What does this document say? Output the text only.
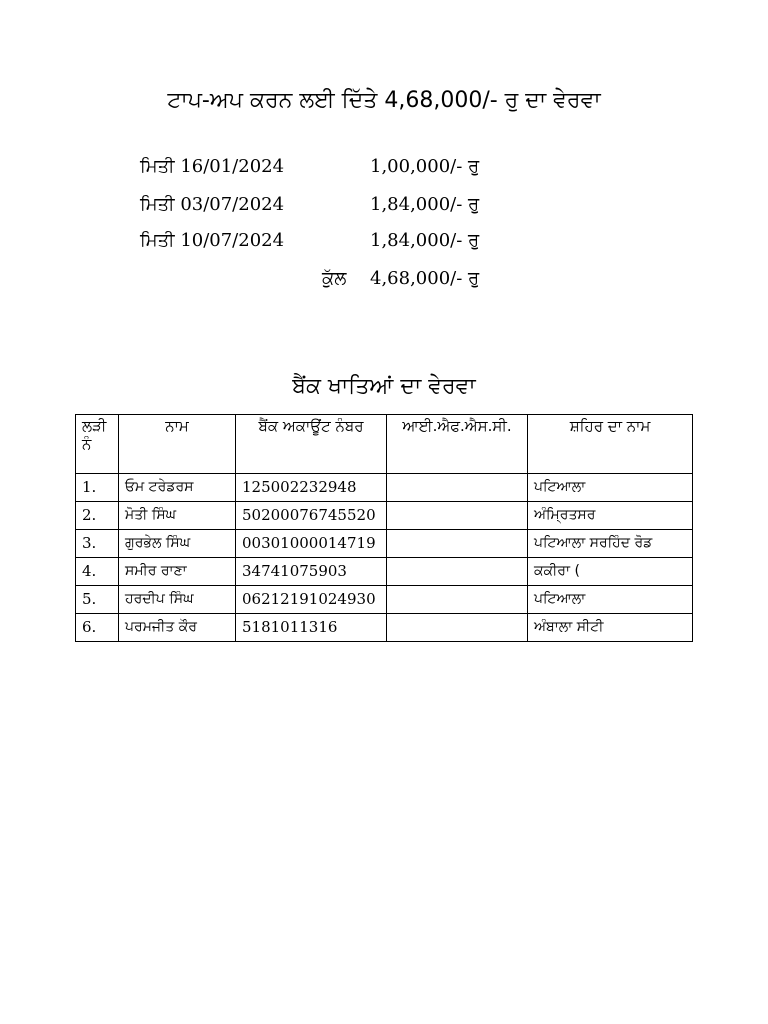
ਟਾਪ-ਅਪ ਕਰਨ ਲਈ ਦਿੱਤੇ 4,68,000/- ਰੁ ਦਾ ਵੇਰਵਾ
ਮਿਤੀ 16/01/2024	1,00,000/- ਰੁ
ਮਿਤੀ 03/07/2024	1,84,000/- ਰੁ
ਮਿਤੀ 10/07/2024	1,84,000/- ਰੁ
ਕੁੱਲ 4,68,000/- ਰੁ
ਬੈਂਕ ਖਾਤਿਆਂ ਦਾ ਵੇਰਵਾ
ਲੜੀ ਨੰ	ਨਾਮ	ਬੈਂਕ ਅਕਾਊਂਟ ਨੰਬਰ	ਆਈ.ਐਫ.ਐਸ.ਸੀ.	ਸ਼ਹਿਰ ਦਾ ਨਾਮ
1.	ਓਮ ਟਰੇਡਰਸ	125002232948		ਪਟਿਆਲਾ
2.	ਮੋਤੀ ਸਿੰਘ	50200076745520		ਅੰਮ੍ਰਿਤਸਰ
3.	ਗੁਰਭੇਲ ਸਿੰਘ	00301000014719		ਪਟਿਆਲਾ ਸਰਹਿੰਦ ਰੋਡ
4.	ਸਮੀਰ ਰਾਣਾ	34741075903		ਕਕੀਰਾ (
5.	ਹਰਦੀਪ ਸਿੰਘ	06212191024930		ਪਟਿਆਲਾ
6.	ਪਰਮਜੀਤ ਕੌਰ	5181011316		ਅੰਬਾਲਾ ਸੀਟੀ
